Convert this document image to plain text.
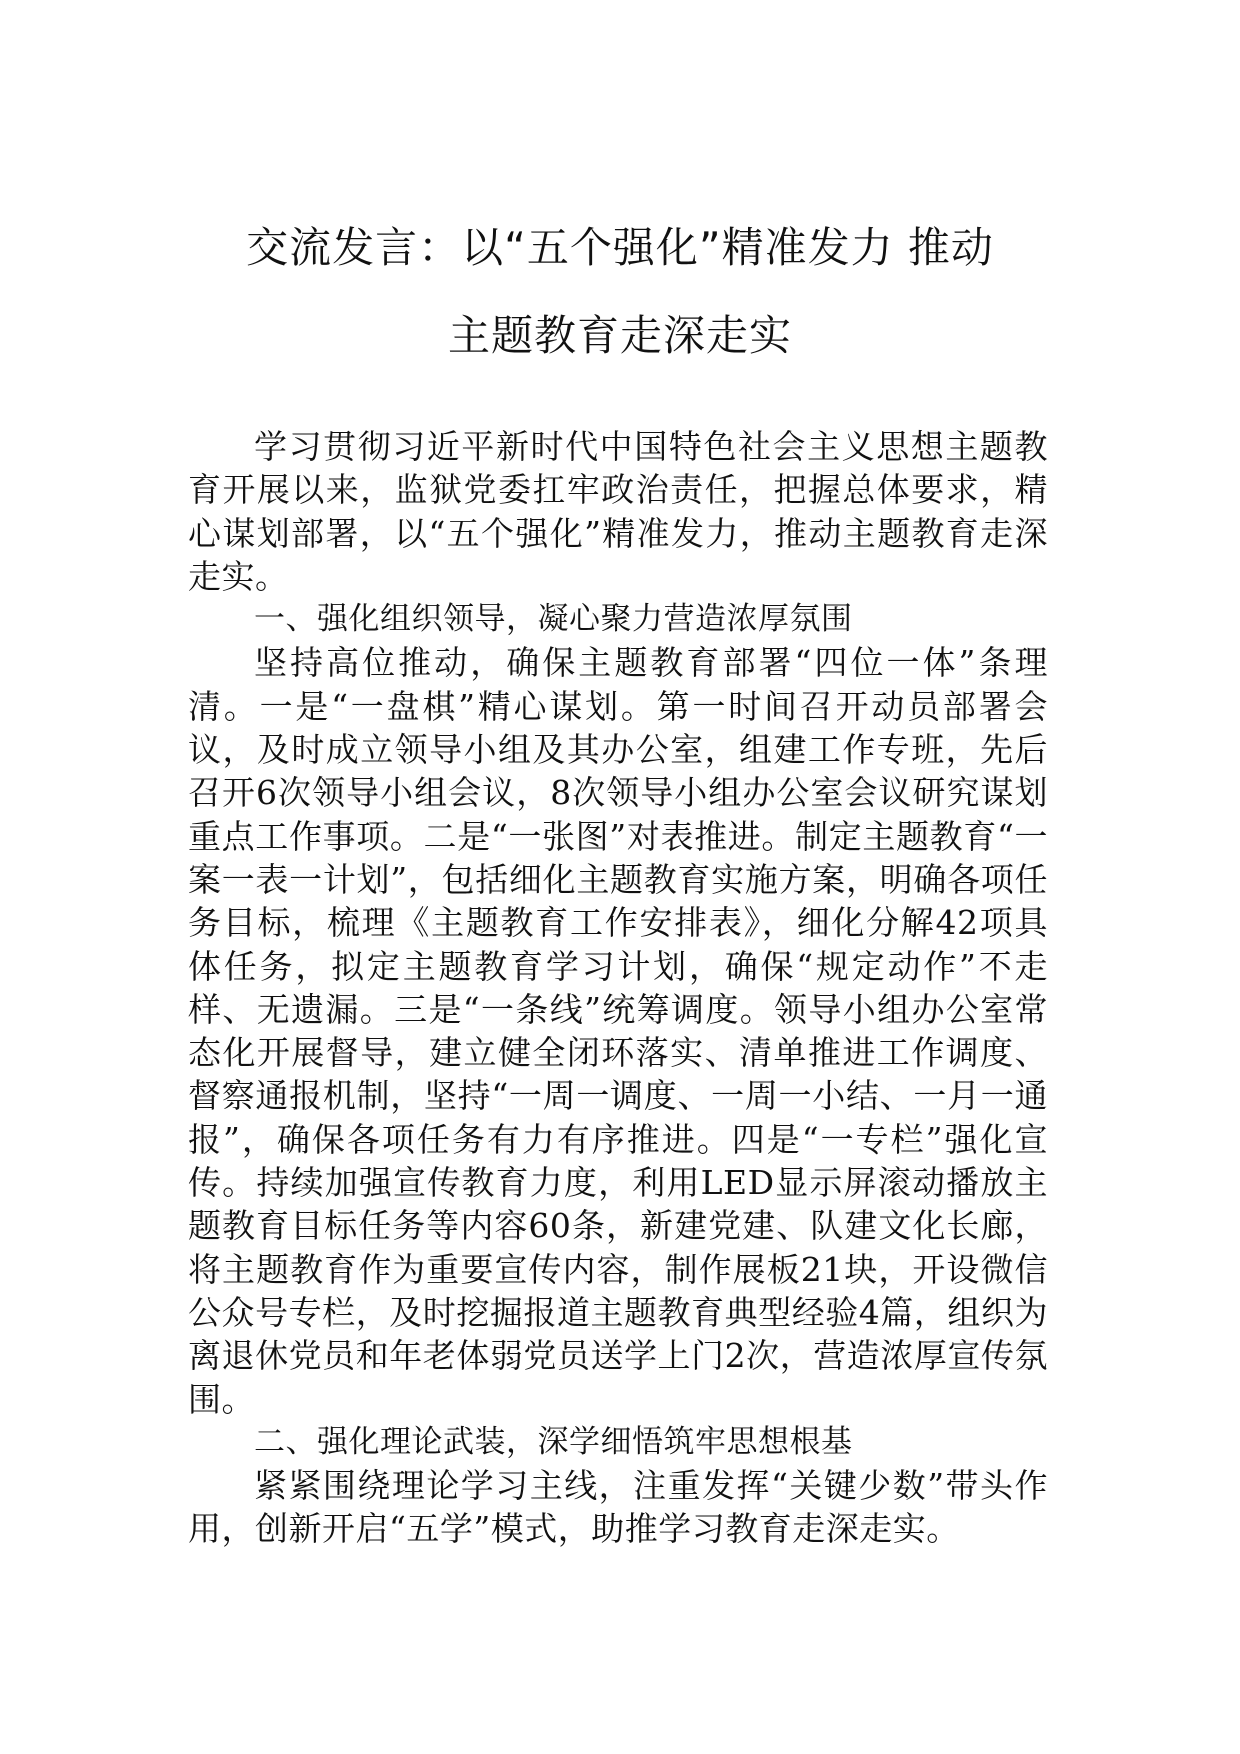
交流发言：以“五个强化”精准发力 推动
主题教育走深走实

学习贯彻习近平新时代中国特色社会主义思想主题教育开展以来，监狱党委扛牢政治责任，把握总体要求，精心谋划部署，以“五个强化”精准发力，推动主题教育走深走实。

一、强化组织领导，凝心聚力营造浓厚氛围

坚持高位推动，确保主题教育部署“四位一体”条理清。一是“一盘棋”精心谋划。第一时间召开动员部署会议，及时成立领导小组及其办公室，组建工作专班，先后召开6次领导小组会议，8次领导小组办公室会议研究谋划重点工作事项。二是“一张图”对表推进。制定主题教育“一案一表一计划”，包括细化主题教育实施方案，明确各项任务目标，梳理《主题教育工作安排表》，细化分解42项具体任务，拟定主题教育学习计划，确保“规定动作”不走样、无遗漏。三是“一条线”统筹调度。领导小组办公室常态化开展督导，建立健全闭环落实、清单推进工作调度、督察通报机制，坚持“一周一调度、一周一小结、一月一通报”，确保各项任务有力有序推进。四是“一专栏”强化宣传。持续加强宣传教育力度，利用LED显示屏滚动播放主题教育目标任务等内容60条，新建党建、队建文化长廊，将主题教育作为重要宣传内容，制作展板21块，开设微信公众号专栏，及时挖掘报道主题教育典型经验4篇，组织为离退休党员和年老体弱党员送学上门2次，营造浓厚宣传氛围。

二、强化理论武装，深学细悟筑牢思想根基

紧紧围绕理论学习主线，注重发挥“关键少数”带头作用，创新开启“五学”模式，助推学习教育走深走实。
